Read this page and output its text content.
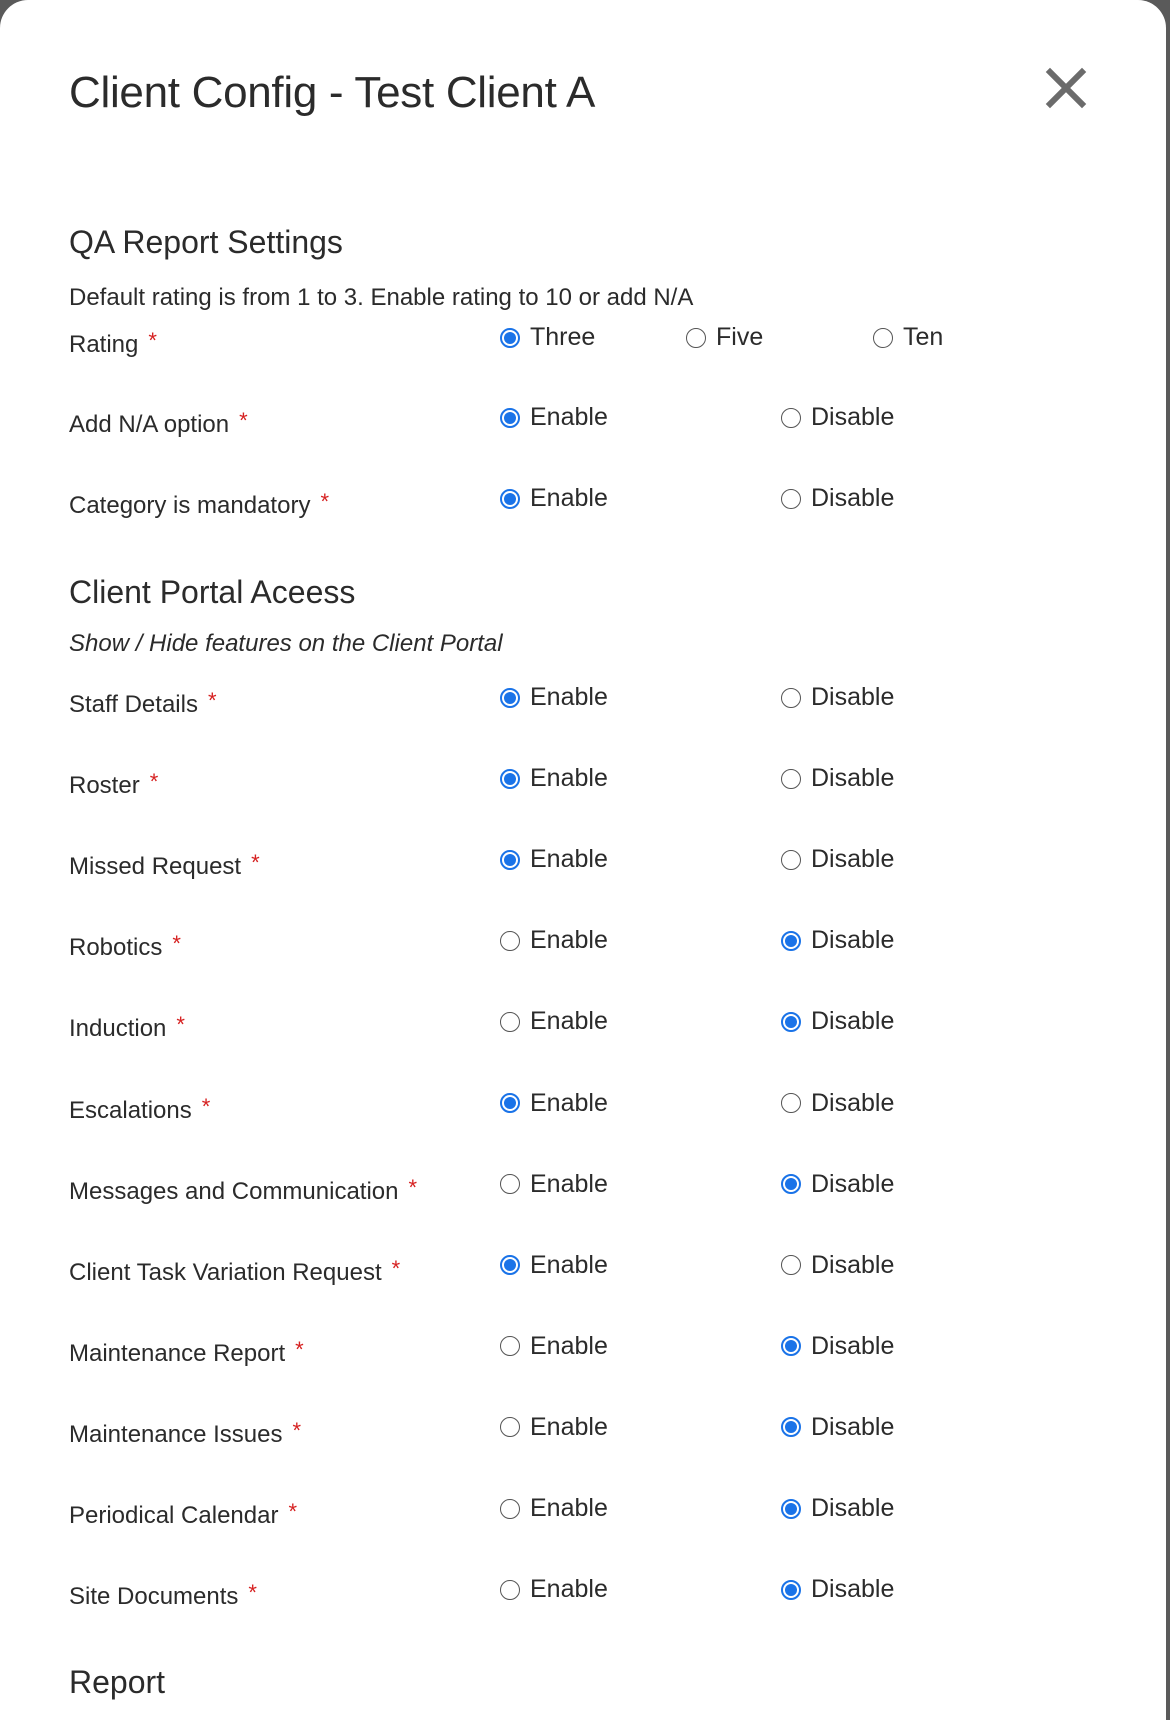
Client Config - Test Client A
QA Report Settings
Default rating is from 1 to 3. Enable rating to 10 or add N/A
Rating *	Three	Five	Ten
Add N/A option *	Enable	Disable
Category is mandatory *	Enable	Disable
Client Portal Aceess
Show / Hide features on the Client Portal
Staff Details *	Enable	Disable
Roster *	Enable	Disable
Missed Request *	Enable	Disable
Robotics *	Enable	Disable
Induction *	Enable	Disable
Escalations *	Enable	Disable
Messages and Communication *	Enable	Disable
Client Task Variation Request *	Enable	Disable
Maintenance Report *	Enable	Disable
Maintenance Issues *	Enable	Disable
Periodical Calendar *	Enable	Disable
Site Documents *	Enable	Disable
Report
